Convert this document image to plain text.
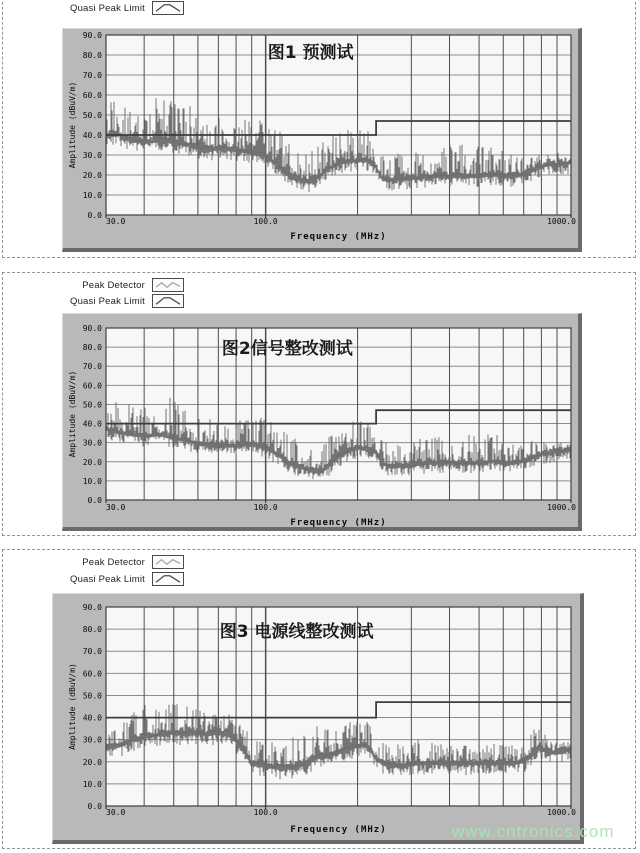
Quasi Peak Limit
90.0
80.0
70.0
60.0
50.0
40.0
30.0
20.0
10.0
0.0
30.0	100.0	1000.0
Amplitude (dBuV/m)
Frequency (MHz)
图1 预测试
Peak Detector
Quasi Peak Limit
90.0
80.0
70.0
60.0
50.0
40.0
30.0
20.0
10.0
0.0
30.0	100.0	1000.0
Amplitude (dBuV/m)
Frequency (MHz)
图2信号整改测试
Peak Detector
Quasi Peak Limit
90.0
80.0
70.0
60.0
50.0
40.0
30.0
20.0
10.0
0.0
30.0	100.0	1000.0
Amplitude (dBuV/m)
Frequency (MHz)
图3 电源线整改测试
www.cntronics.com
